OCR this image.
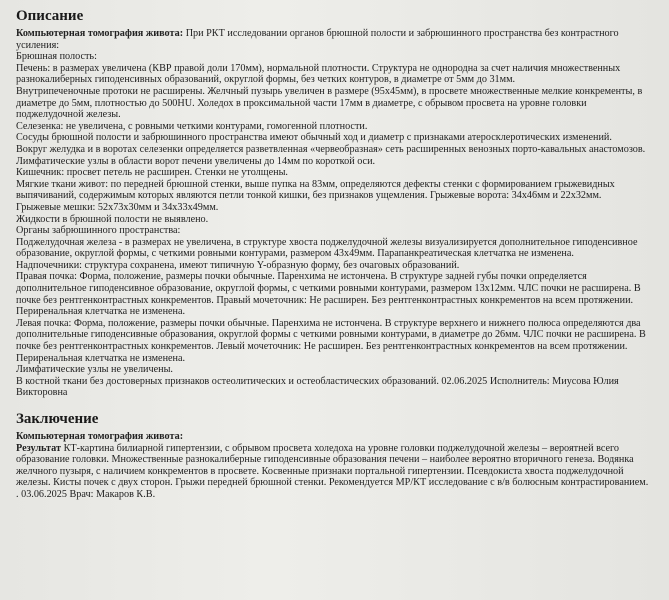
Описание

Компьютерная томография живота: При РКТ исследовании органов брюшной полости и забрюшинного пространства без контрастного усиления:

Брюшная полость:

Печень: в размерах увеличена (КВР правой доли 170мм), нормальной плотности. Структура не однородна за счет наличия множественных разнокалиберных гиподенсивных образований, округлой формы, без четких контуров, в диаметре от 5мм до 31мм.

Внутрипеченочные протоки не расширены. Желчный пузырь увеличен в размере (95х45мм), в просвете множественные мелкие конкременты, в диаметре до 5мм, плотностью до 500HU. Холедох в проксимальной части 17мм в диаметре, с обрывом просвета на уровне головки поджелудочной железы.

Селезенка: не увеличена, с ровными четкими контурами, гомогенной плотности.

Сосуды брюшной полости и забрюшинного пространства имеют обычный ход и диаметр с признаками атеросклеротических изменений.

Вокруг желудка и в воротах селезенки определяется разветвленная «червеобразная» сеть расширенных венозных порто-кавальных анастомозов.

Лимфатические узлы в области ворот печени увеличены до 14мм по короткой оси.

Кишечник: просвет петель не расширен. Стенки не утолщены.

Мягкие ткани живот: по передней брюшной стенки, выше пупка на 83мм, определяются дефекты стенки с формированием грыжевидных выпячиваний, содержимым которых являются петли тонкой кишки, без признаков ущемления. Грыжевые ворота: 34х46мм и 22х32мм.

Грыжевые мешки: 52х73х30мм и 34х33х49мм.

Жидкости в брюшной полости не выявлено.

Органы забрюшинного пространства:

Поджелудочная железа - в размерах не увеличена, в структуре хвоста поджелудочной железы визуализируется дополнительное гиподенсивное образование, округлой формы, с четкими ровными контурами, размером 43х49мм. Парапанкреатическая клетчатка не изменена.

Надпочечники: структура сохранена, имеют типичную Y-образную форму, без очаговых образований.

Правая почка: Форма, положение, размеры почки обычные. Паренхима не истончена. В структуре задней губы почки определяется дополнительное гиподенсивное образование, округлой формы, с четкими ровными контурами, размером 13х12мм. ЧЛС почки не расширена. В почке без рентгенконтрастных конкрементов. Правый мочеточник: Не расширен. Без рентгенконтрастных конкрементов на всем протяжении. Периренальная клетчатка не изменена.

Левая почка: Форма, положение, размеры почки обычные. Паренхима не истончена. В структуре верхнего и нижнего полюса определяются два дополнительные гиподенсивные образования, округлой формы с четкими ровными контурами, в диаметре до 26мм. ЧЛС почки не расширена. В почке без рентгенконтрастных конкрементов. Левый мочеточник: Не расширен. Без рентгенконтрастных конкрементов на всем протяжении. Периренальная клетчатка не изменена.

Лимфатические узлы не увеличены.

В костной ткани без достоверных признаков остеолитических и остеобластических образований. 02.06.2025 Исполнитель: Миусова Юлия Викторовна

Заключение

Компьютерная томография живота:

Результат КТ-картина билиарной гипертензии, с обрывом просвета холедоха на уровне головки поджелудочной железы – вероятней всего образование головки. Множественные разнокалиберные гиподенсивные образования печени – наиболее вероятно вторичного генеза. Водянка желчного пузыря, с наличием конкрементов в просвете. Косвенные признаки портальной гипертензии. Псевдокиста хвоста поджелудочной железы. Кисты почек с двух сторон. Грыжи передней брюшной стенки. Рекомендуется МР/КТ исследование с в/в болюсным контрастированием. . 03.06.2025 Врач: Макаров К.В.
